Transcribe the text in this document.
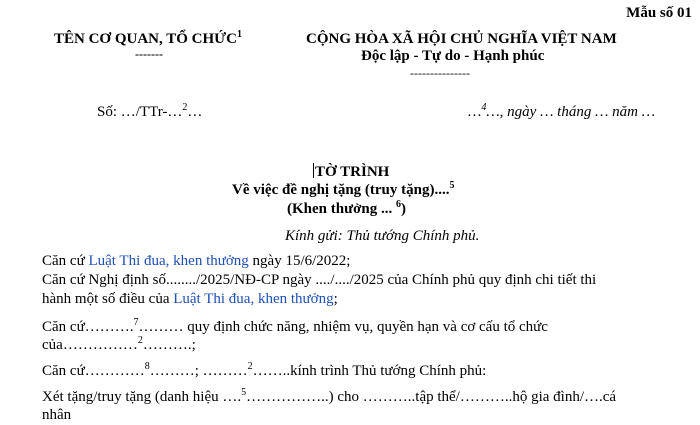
Mẫu số 01
TÊN CƠ QUAN, TỔ CHỨC$^1$
-------
CỘNG HÒA XÃ HỘI CHỦ NGHĨA VIỆT NAM
Độc lập - Tự do - Hạnh phúc
---------------
Số: …/TTr-…$^2$…	…$^4$…, ngày … tháng … năm …
TỜ TRÌNH
Về việc đề nghị tặng (truy tặng)....$^5$
(Khen thưởng ... $^6$)
Kính gửi: Thủ tướng Chính phủ.
Căn cứ Luật Thi đua, khen thưởng ngày 15/6/2022;
Căn cứ Nghị định số......../2025/NĐ-CP ngày ..../..../2025 của Chính phủ quy định chi tiết thi
hành một số điều của Luật Thi đua, khen thưởng;
Căn cứ……….$^7$……… quy định chức năng, nhiệm vụ, quyền hạn và cơ cấu tổ chức
của……………$^2$……….;
Căn cứ…………$^8$………; ………$^2$……..kính trình Thủ tướng Chính phủ:
Xét tặng/truy tặng (danh hiệu ….$^5$……………..) cho ………..tập thể/………..hộ gia đình/….cá
nhân
